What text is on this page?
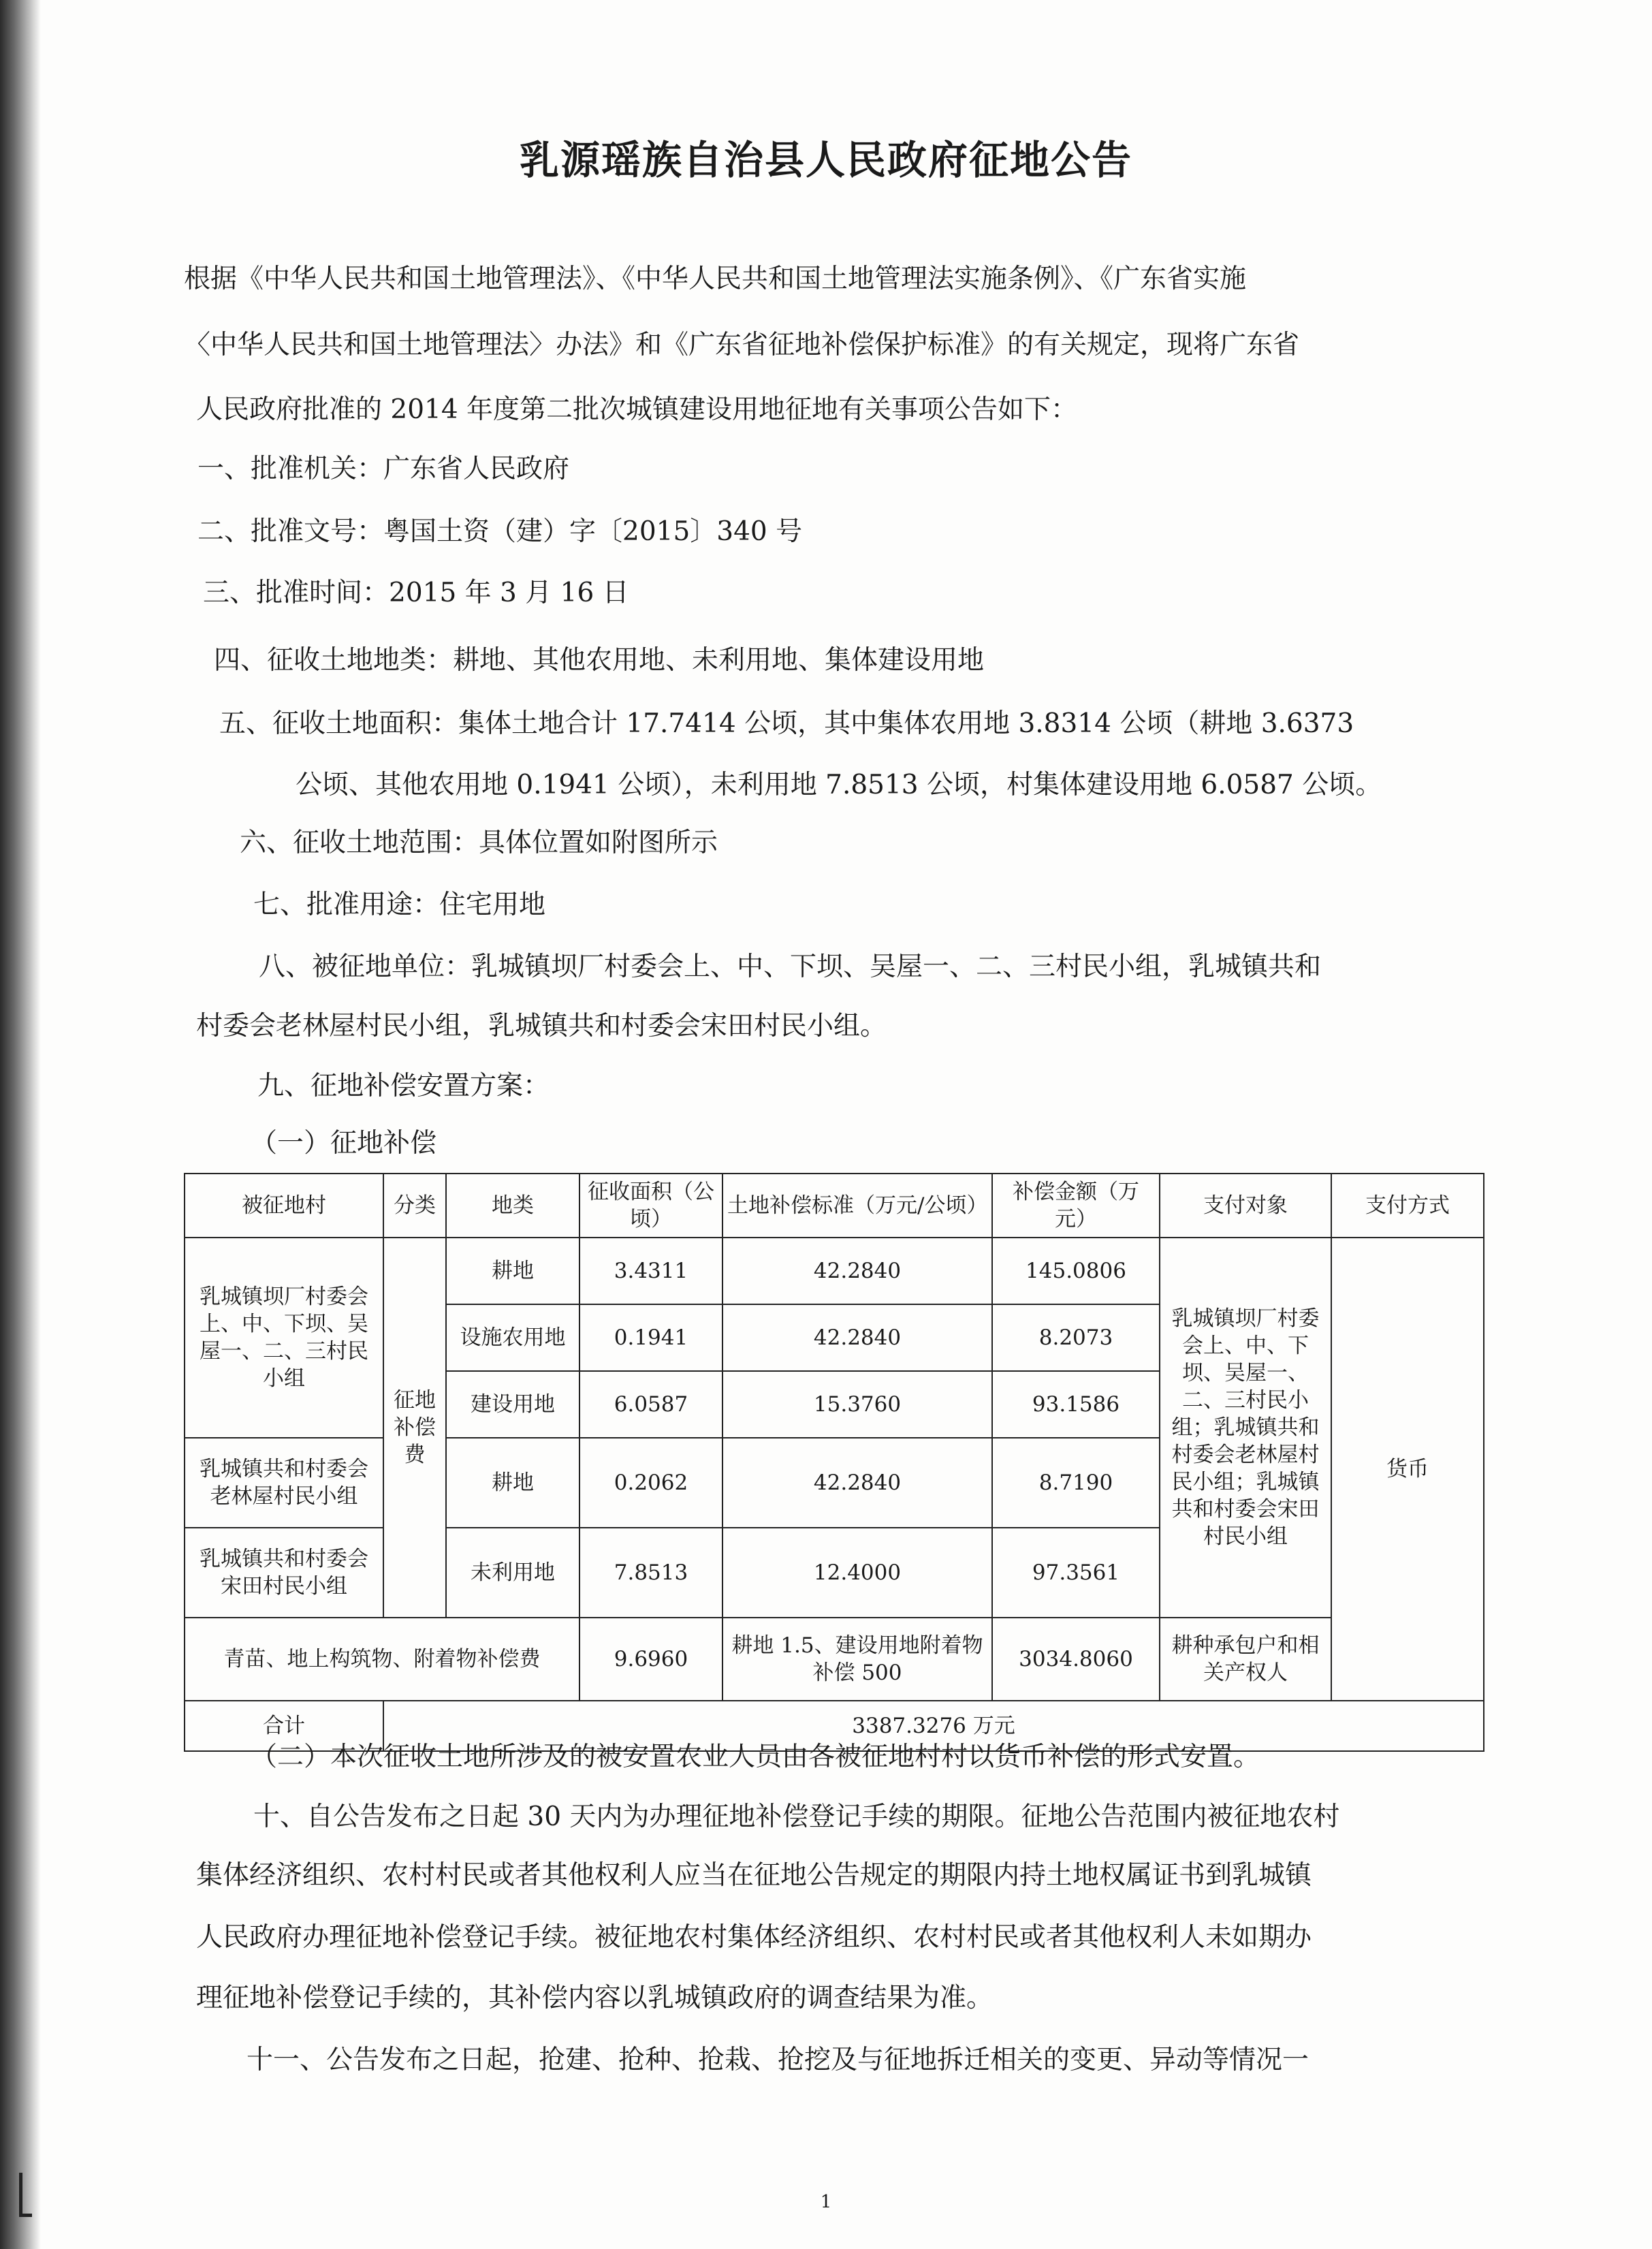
乳源瑶族自治县人民政府征地公告
根据《中华人民共和国土地管理法》、《中华人民共和国土地管理法实施条例》、《广东省实施
〈中华人民共和国土地管理法〉办法》和《广东省征地补偿保护标准》的有关规定，现将广东省
人民政府批准的 2014 年度第二批次城镇建设用地征地有关事项公告如下：
一、批准机关：广东省人民政府
二、批准文号：粤国土资（建）字〔2015〕340 号
三、批准时间：2015 年 3 月 16 日
四、征收土地地类：耕地、其他农用地、未利用地、集体建设用地
五、征收土地面积：集体土地合计 17.7414 公顷，其中集体农用地 3.8314 公顷（耕地 3.6373
公顷、其他农用地 0.1941 公顷），未利用地 7.8513 公顷，村集体建设用地 6.0587 公顷。
六、征收土地范围：具体位置如附图所示
七、批准用途：住宅用地
八、被征地单位：乳城镇坝厂村委会上、中、下坝、吴屋一、二、三村民小组，乳城镇共和
村委会老林屋村民小组，乳城镇共和村委会宋田村民小组。
九、征地补偿安置方案：
（一）征地补偿
被征地村	分类	地类	征收面积（公顷）	土地补偿标准（万元/公顷）	补偿金额（万元）	支付对象	支付方式
乳城镇坝厂村委会上、中、下坝、吴屋一、二、三村民小组	征地补偿费	耕地	3.4311	42.2840	145.0806	乳城镇坝厂村委会上、中、下坝、吴屋一、二、三村民小组；乳城镇共和村委会老林屋村民小组；乳城镇共和村委会宋田村民小组	货币
		设施农用地	0.1941	42.2840	8.2073		
		建设用地	6.0587	15.3760	93.1586		
乳城镇共和村委会老林屋村民小组		耕地	0.2062	42.2840	8.7190		
乳城镇共和村委会宋田村民小组		未利用地	7.8513	12.4000	97.3561		
青苗、地上构筑物、附着物补偿费			9.6960	耕地 1.5、建设用地附着物补偿 500	3034.8060	耕种承包户和相关产权人	
合计	3387.3276 万元						
（二）本次征收土地所涉及的被安置农业人员由各被征地村村以货币补偿的形式安置。
十、自公告发布之日起 30 天内为办理征地补偿登记手续的期限。征地公告范围内被征地农村
集体经济组织、农村村民或者其他权利人应当在征地公告规定的期限内持土地权属证书到乳城镇
人民政府办理征地补偿登记手续。被征地农村集体经济组织、农村村民或者其他权利人未如期办
理征地补偿登记手续的，其补偿内容以乳城镇政府的调查结果为准。
十一、公告发布之日起，抢建、抢种、抢栽、抢挖及与征地拆迁相关的变更、异动等情况一
1
